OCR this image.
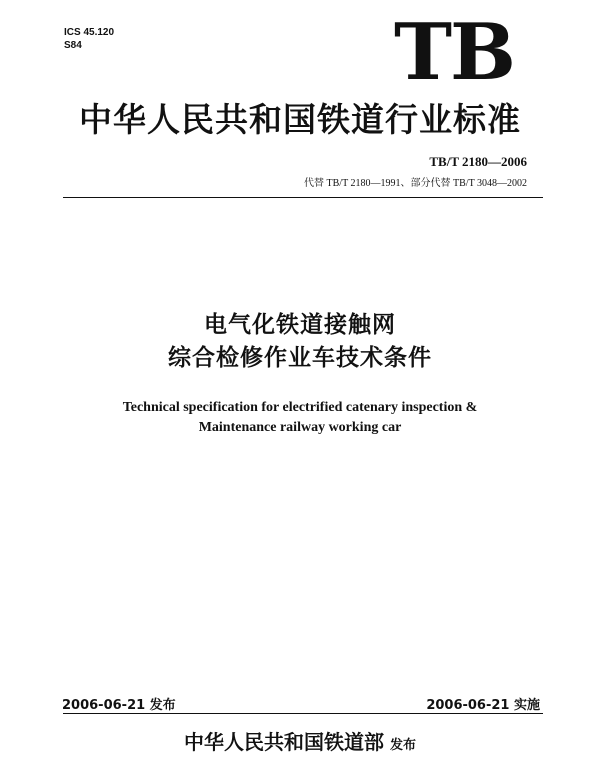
ICS 45.120
S84	TB
中华人民共和国铁道行业标准
TB/T 2180—2006
代替 TB/T 2180—1991、部分代替 TB/T 3048—2002
电气化铁道接触网
综合检修作业车技术条件
Technical specification for electrified catenary inspection &
Maintenance railway working car
2006-06-21 发布	2006-06-21 实施
中华人民共和国铁道部 发布
